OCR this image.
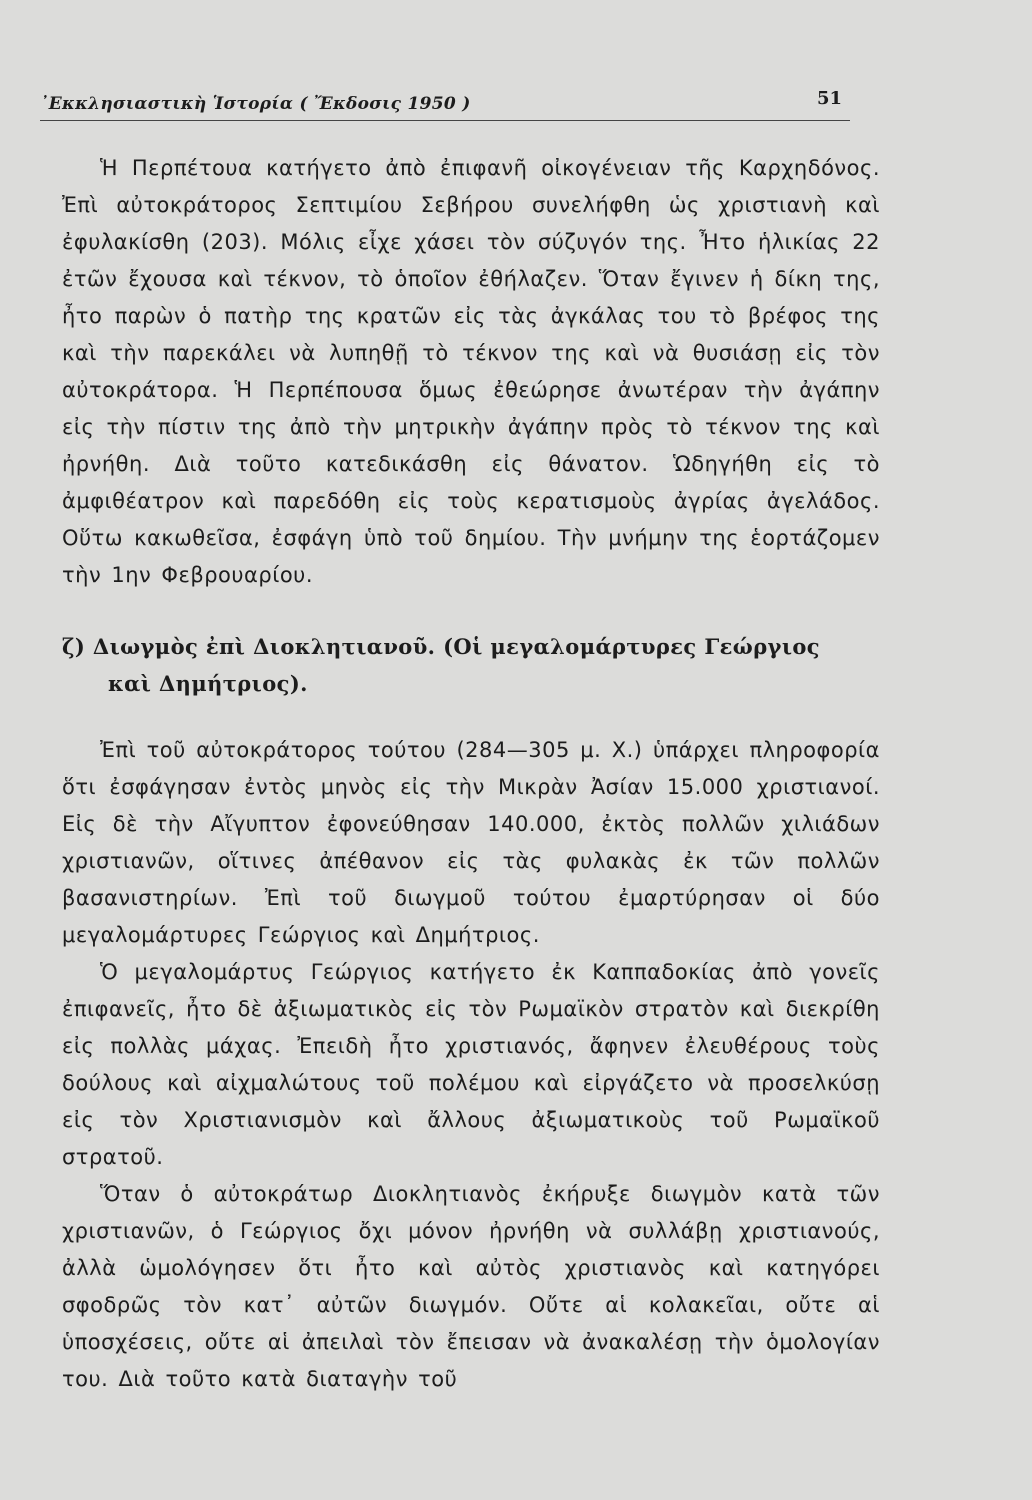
᾽Εκκλησιαστικὴ Ἱστορία ( Ἔκδοσις 1950 )	51

Ἡ Περπέτουα κατήγετο ἀπὸ ἐπιφανῆ οἰκογένειαν τῆς Καρχηδόνος. Ἐπὶ αὐτοκράτορος Σεπτιμίου Σεβήρου συνελήφθη ὡς χριστιανὴ καὶ ἐφυλακίσθη (203). Μόλις εἶχε χάσει τὸν σύζυγόν της. Ἦτο ἡλικίας 22 ἐτῶν ἔχουσα καὶ τέκνον, τὸ ὁποῖον ἐθήλαζεν. Ὅταν ἔγινεν ἡ δίκη της, ἦτο παρὼν ὁ πατὴρ της κρατῶν εἰς τὰς ἀγκάλας του τὸ βρέφος της καὶ τὴν παρεκάλει νὰ λυπηθῇ τὸ τέκνον της καὶ νὰ θυσιάσῃ εἰς τὸν αὐτοκράτορα. Ἡ Περπέπουσα ὅμως ἐθεώρησε ἀνωτέραν τὴν ἀγάπην εἰς τὴν πίστιν της ἀπὸ τὴν μητρικὴν ἀγάπην πρὸς τὸ τέκνον της καὶ ἠρνήθη. Διὰ τοῦτο κατεδικάσθη εἰς θάνατον. Ὡδηγήθη εἰς τὸ ἀμφιθέατρον καὶ παρεδόθη εἰς τοὺς κερατισμοὺς ἀγρίας ἀγελάδος. Οὕτω κακωθεῖσα, ἐσφάγη ὑπὸ τοῦ δημίου. Τὴν μνήμην της ἑορτάζομεν τὴν 1ην Φεβρουαρίου.

ζ) Διωγμὸς ἐπὶ Διοκλητιανοῦ. (Οἱ μεγαλομάρτυρες Γεώργιος
καὶ Δημήτριος).

Ἐπὶ τοῦ αὐτοκράτορος τούτου (284—305 μ. Χ.) ὑπάρχει πληροφορία ὅτι ἐσφάγησαν ἐντὸς μηνὸς εἰς τὴν Μικρὰν Ἀσίαν 15.000 χριστιανοί. Εἰς δὲ τὴν Αἴγυπτον ἐφονεύθησαν 140.000, ἐκτὸς πολλῶν χιλιάδων χριστιανῶν, οἵτινες ἀπέθανον εἰς τὰς φυλακὰς ἐκ τῶν πολλῶν βασανιστηρίων. Ἐπὶ τοῦ διωγμοῦ τούτου ἐμαρτύρησαν οἱ δύο μεγαλομάρτυρες Γεώργιος καὶ Δημήτριος.

Ὁ μεγαλομάρτυς Γεώργιος κατήγετο ἐκ Καππαδοκίας ἀπὸ γονεῖς ἐπιφανεῖς, ἦτο δὲ ἀξιωματικὸς εἰς τὸν Ρωμαϊκὸν στρατὸν καὶ διεκρίθη εἰς πολλὰς μάχας. Ἐπειδὴ ἦτο χριστιανός, ἄφηνεν ἐλευθέρους τοὺς δούλους καὶ αἰχμαλώτους τοῦ πολέμου καὶ εἰργάζετο νὰ προσελκύσῃ εἰς τὸν Χριστιανισμὸν καὶ ἄλλους ἀξιωματικοὺς τοῦ Ρωμαϊκοῦ στρατοῦ.

Ὅταν ὁ αὐτοκράτωρ Διοκλητιανὸς ἐκήρυξε διωγμὸν κατὰ τῶν χριστιανῶν, ὁ Γεώργιος ὄχι μόνον ἠρνήθη νὰ συλλάβῃ χριστιανούς, ἀλλὰ ὡμολόγησεν ὅτι ἦτο καὶ αὐτὸς χριστιανὸς καὶ κατηγόρει σφοδρῶς τὸν κατ᾽ αὐτῶν διωγμόν. Οὔτε αἱ κολακεῖαι, οὔτε αἱ ὑποσχέσεις, οὔτε αἱ ἀπειλαὶ τὸν ἔπεισαν νὰ ἀνακαλέσῃ τὴν ὁμολογίαν του. Διὰ τοῦτο κατὰ διαταγὴν τοῦ
